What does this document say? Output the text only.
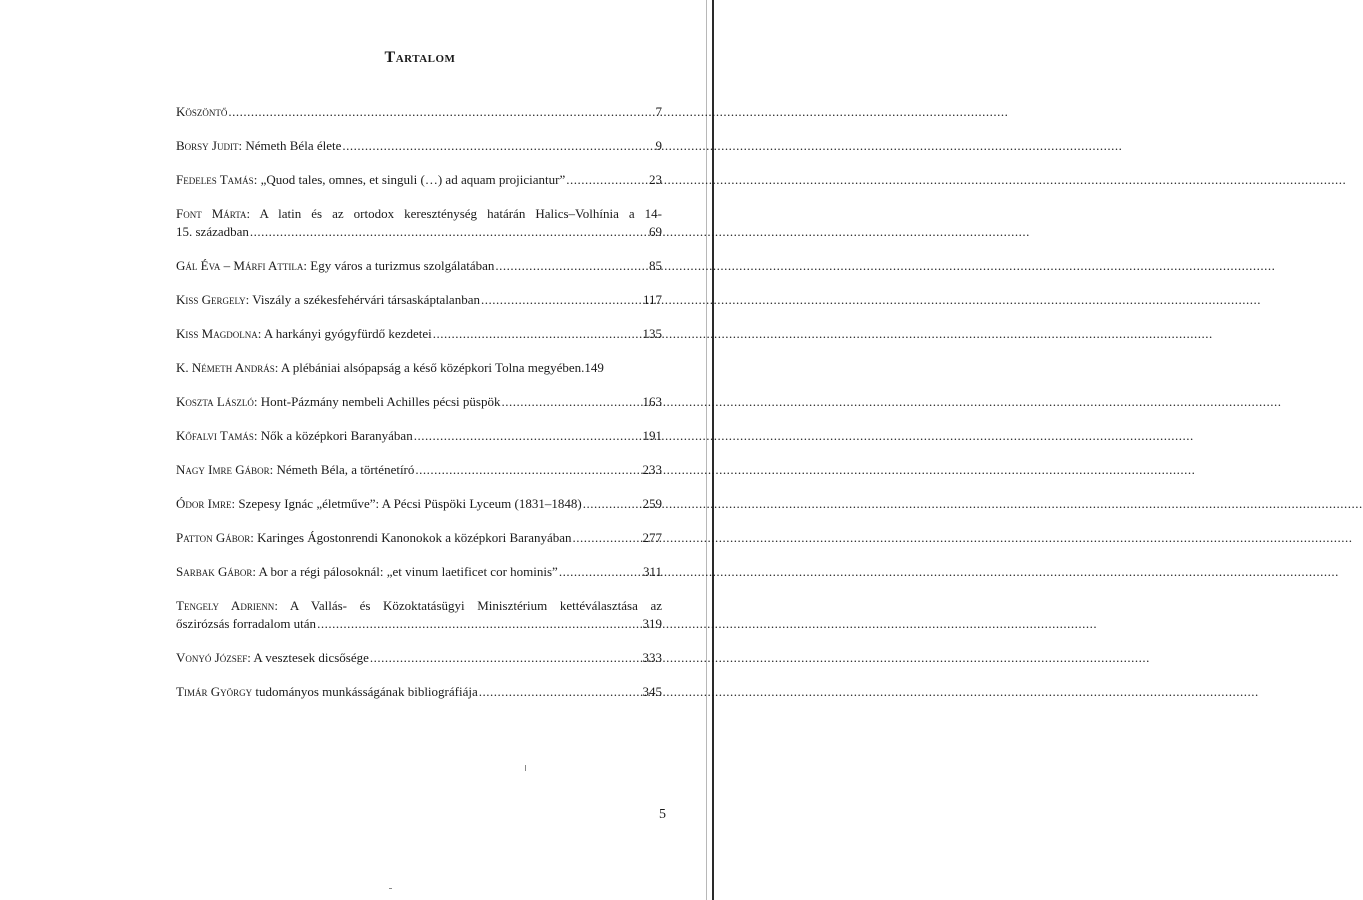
Tartalom
Köszöntő .....	7
Borsy Judit: Németh Béla élete .....	9
Fedeles Tamás: „Quod tales, omnes, et singuli (…) ad aquam projiciantur” .....	23
Font Márta: A latin és az ortodox kereszténység határán Halics–Volhínia a 14-
15. században .....	69
Gál Éva – Márfi Attila: Egy város a turizmus szolgálatában .....	85
Kiss Gergely: Viszály a székesfehérvári társaskáptalanban .....	117
Kiss Magdolna: A harkányi gyógyfürdő kezdetei .....	135
K. Németh András: A plébániai alsópapság a késő középkori Tolna megyében. 149
Koszta László: Hont-Pázmány nembeli Achilles pécsi püspök .....	163
Kőfalvi Tamás: Nők a középkori Baranyában .....	191
Nagy Imre Gábor: Németh Béla, a történetíró .....	233
Ódor Imre: Szepesy Ignác „életműve”: A Pécsi Püspöki Lyceum (1831–1848) .....	259
Patton Gábor: Karinges Ágostonrendi Kanonokok a középkori Baranyában .....	277
Sarbak Gábor: A bor a régi pálosoknál: „et vinum laetificet cor hominis” .....	311
Tengely Adrienn: A Vallás- és Közoktatásügyi Minisztérium kettéválasztása az
őszirózsás forradalom után .....	319
Vonyó József: A vesztesek dicsősége .....	333
Timár György tudományos munkásságának bibliográfiája .....	345
5
